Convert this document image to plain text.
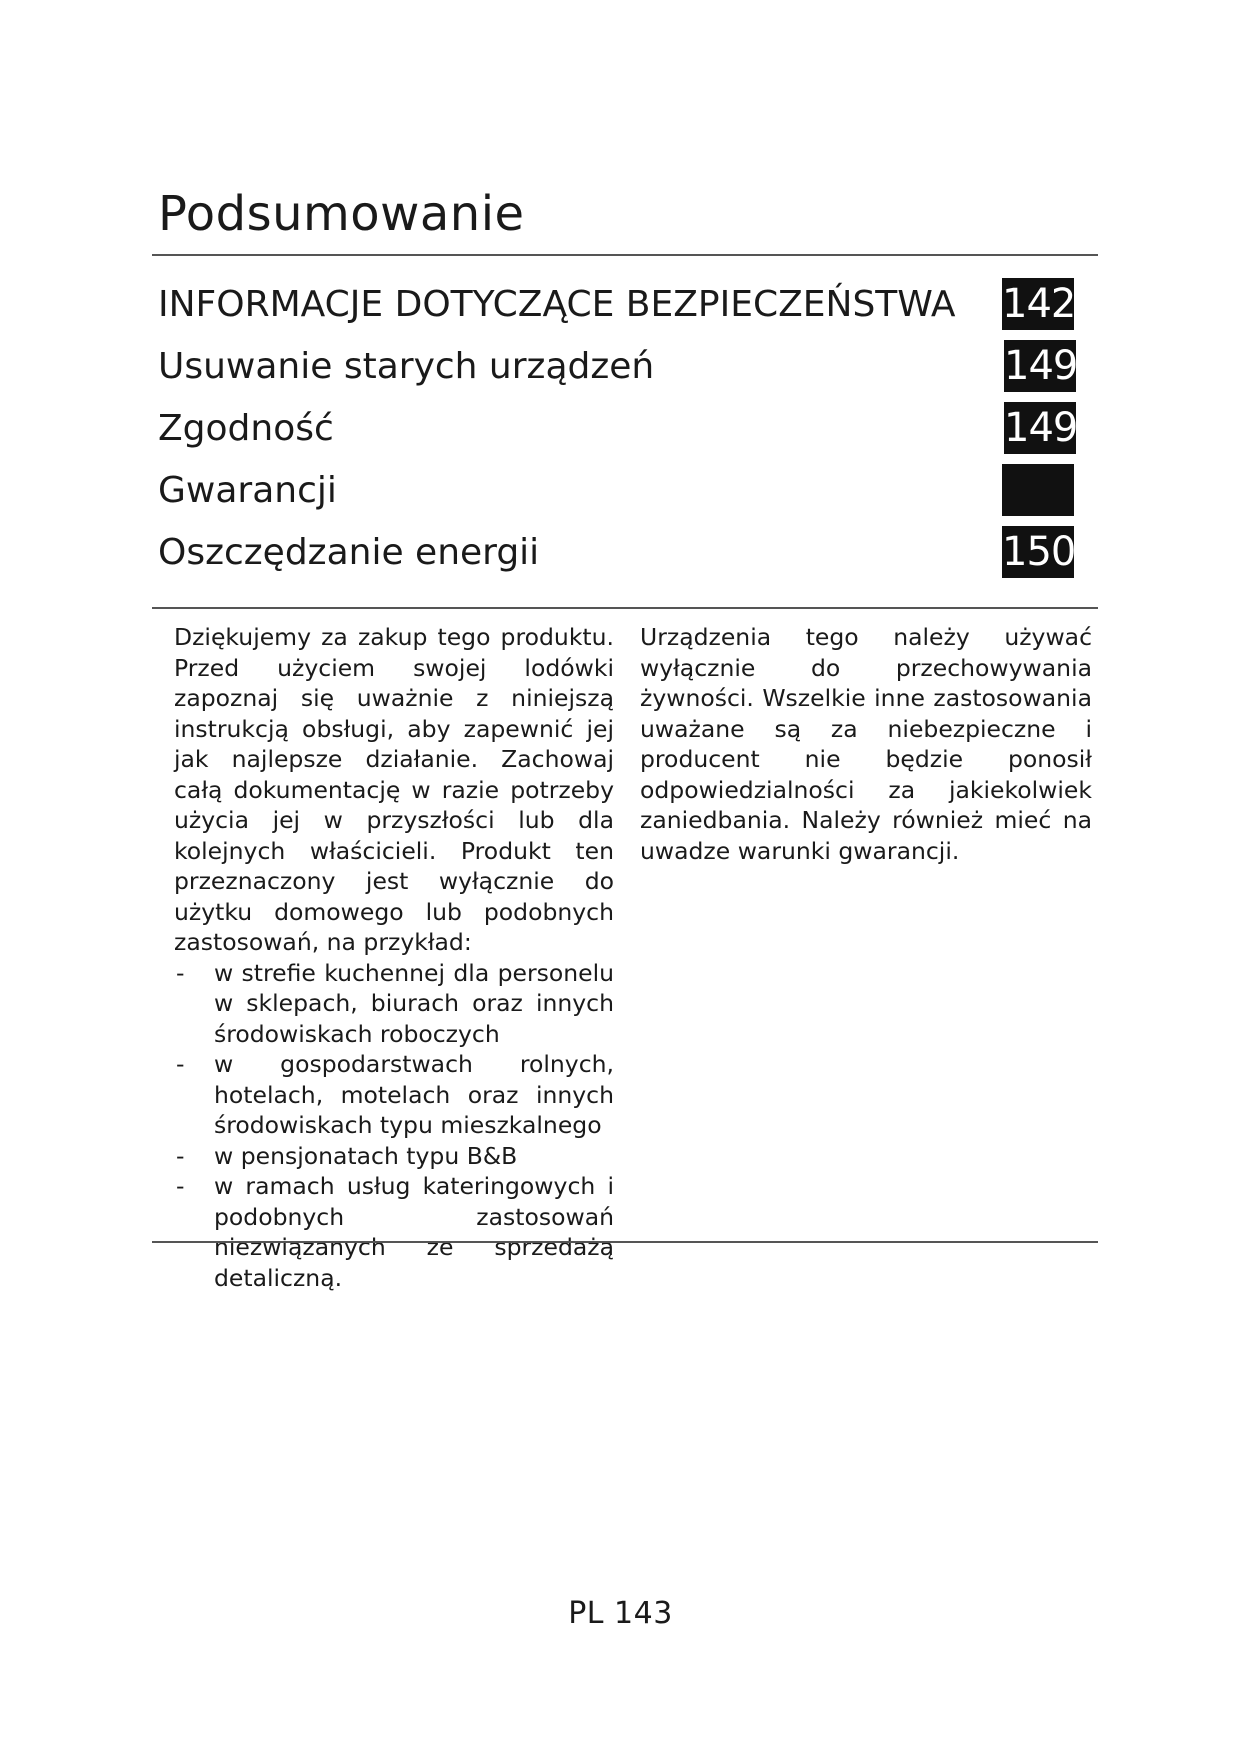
Podsumowanie
INFORMACJE DOTYCZĄCE BEZPIECZEŃSTWA 142
Usuwanie starych urządzeń	149
Zgodność	149
Gwarancji
Oszczędzanie energii	150

Dziękujemy za zakup tego produktu. Przed użyciem swojej lodówki zapoznaj się uważnie z niniejszą instrukcją obsługi, aby zapewnić jej jak najlepsze działanie. Zachowaj całą dokumentację w razie potrzeby użycia jej w przyszłości lub dla kolejnych właścicieli. Produkt ten przeznaczony jest wyłącznie do użytku domowego lub podobnych zastosowań, na przykład:

- w strefie kuchennej dla personelu w sklepach, biurach oraz innych środowiskach roboczych
- w gospodarstwach rolnych, hotelach, motelach oraz innych środowiskach typu mieszkalnego
- w pensjonatach typu B&B
- w ramach usług kateringowych i podobnych zastosowań niezwiązanych ze sprzedażą detaliczną.

Urządzenia tego należy używać wyłącznie do przechowywania żywności. Wszelkie inne zastosowania uważane są za niebezpieczne i producent nie będzie ponosił odpowiedzialności za jakiekolwiek zaniedbania. Należy również mieć na uwadze warunki gwarancji.

PL 143
